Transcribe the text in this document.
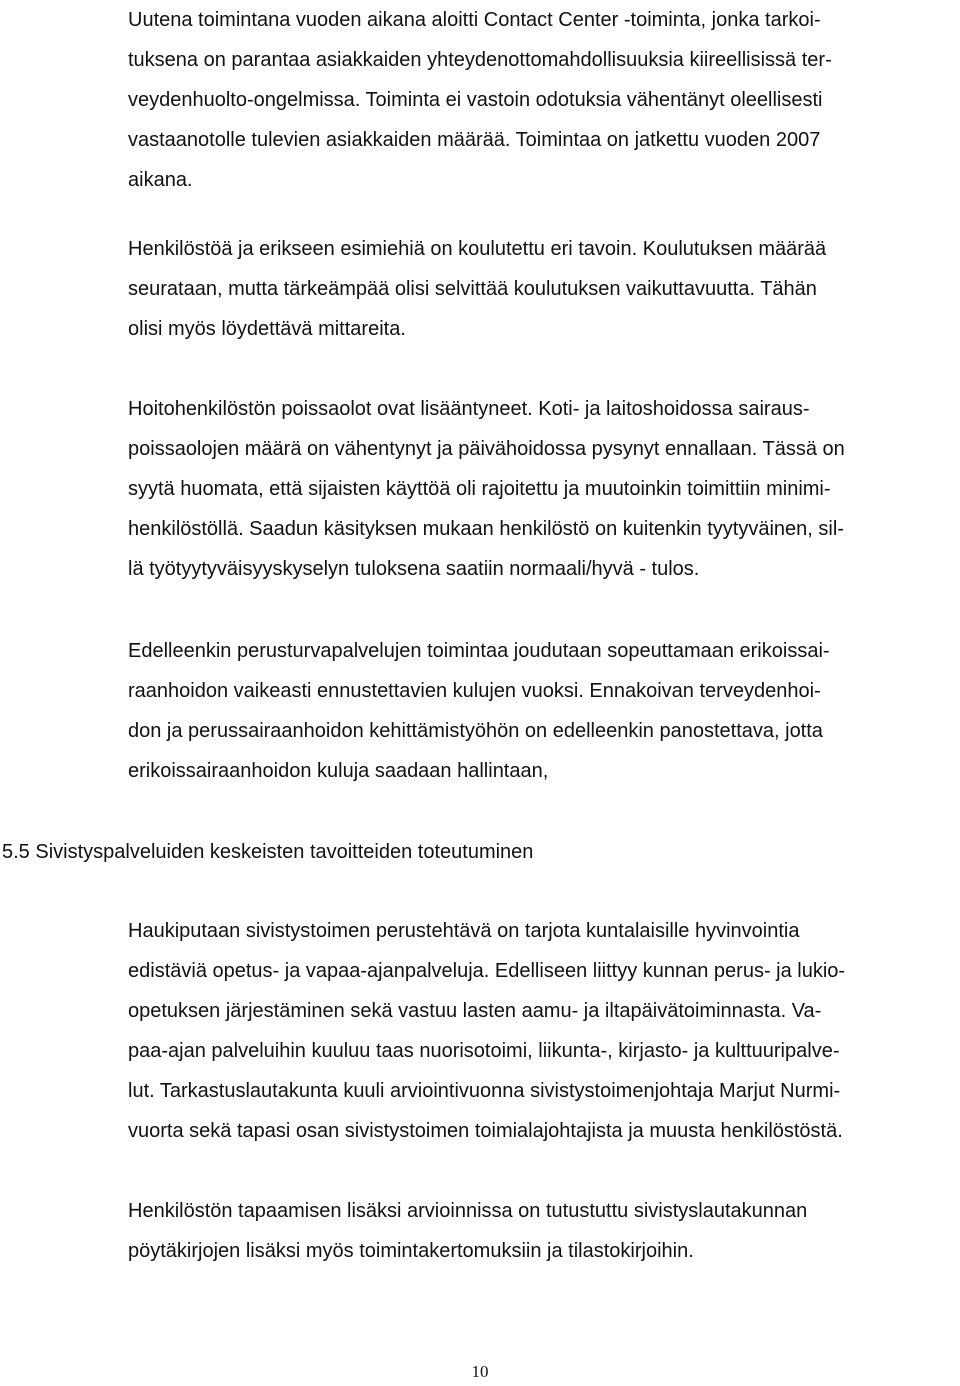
Uutena toimintana vuoden aikana aloitti Contact Center -toiminta, jonka tarkoi-
tuksena on parantaa asiakkaiden yhteydenottomahdollisuuksia kiireellisissä ter-
veydenhuolto-ongelmissa. Toiminta ei vastoin odotuksia vähentänyt oleellisesti
vastaanotolle tulevien asiakkaiden määrää. Toimintaa on jatkettu vuoden 2007
aikana.

Henkilöstöä ja erikseen esimiehiä on koulutettu eri tavoin. Koulutuksen määrää
seurataan, mutta tärkeämpää olisi selvittää koulutuksen vaikuttavuutta. Tähän
olisi myös löydettävä mittareita.

Hoitohenkilöstön poissaolot ovat lisääntyneet. Koti- ja laitoshoidossa sairaus-
poissaolojen määrä on vähentynyt ja päivähoidossa pysynyt ennallaan. Tässä on
syytä huomata, että sijaisten käyttöä oli rajoitettu ja muutoinkin toimittiin minimi-
henkilöstöllä. Saadun käsityksen mukaan henkilöstö on kuitenkin tyytyväinen, sil-
lä työtyytyväisyyskyselyn tuloksena saatiin normaali/hyvä - tulos.

Edelleenkin perusturvapalvelujen toimintaa joudutaan sopeuttamaan erikoissai-
raanhoidon vaikeasti ennustettavien kulujen vuoksi. Ennakoivan terveydenhoi-
don ja perussairaanhoidon kehittämistyöhön on edelleenkin panostettava, jotta
erikoissairaanhoidon kuluja saadaan hallintaan,

5.5 Sivistyspalveluiden keskeisten tavoitteiden toteutuminen

Haukiputaan sivistystoimen perustehtävä on tarjota kuntalaisille hyvinvointia
edistäviä opetus- ja vapaa-ajanpalveluja. Edelliseen liittyy kunnan perus- ja lukio-
opetuksen järjestäminen sekä vastuu lasten aamu- ja iltapäivätoiminnasta. Va-
paa-ajan palveluihin kuuluu taas nuorisotoimi, liikunta-, kirjasto- ja kulttuuripalve-
lut. Tarkastuslautakunta kuuli arviointivuonna sivistystoimenjohtaja Marjut Nurmi-
vuorta sekä tapasi osan sivistystoimen toimialajohtajista ja muusta henkilöstöstä.

Henkilöstön tapaamisen lisäksi arvioinnissa on tutustuttu sivistyslautakunnan
pöytäkirjojen lisäksi myös toimintakertomuksiin ja tilastokirjoihin.

10
